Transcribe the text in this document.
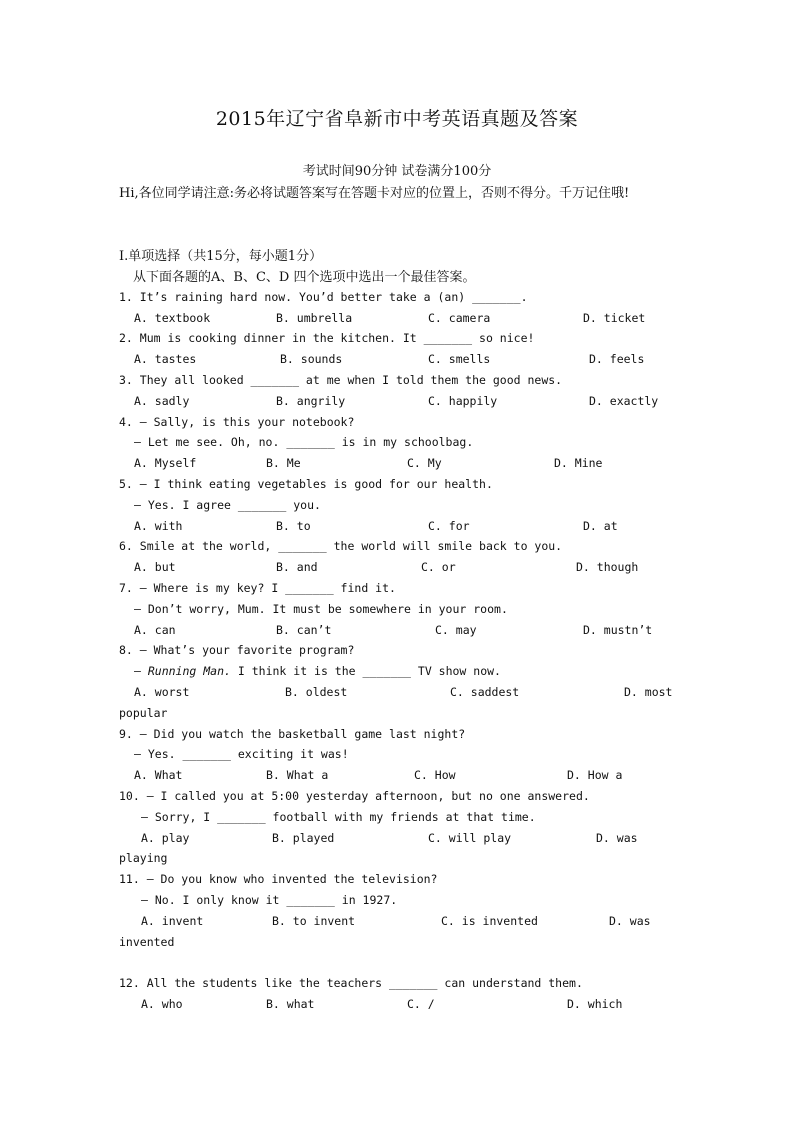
2015年辽宁省阜新市中考英语真题及答案
考试时间90分钟 试卷满分100分
Hi,各位同学请注意:务必将试题答案写在答题卡对应的位置上，否则不得分。千万记住哦!
Ⅰ.单项选择（共15分，每小题1分）
从下面各题的A、B、C、D 四个选项中选出一个最佳答案。
1. It’s raining hard now. You’d better take a (an) _______.
A. textbook	B. umbrella	C. camera	D. ticket
2. Mum is cooking dinner in the kitchen. It _______ so nice!
A. tastes	B. sounds	C. smells	D. feels
3. They all looked _______ at me when I told them the good news.
A. sadly	B. angrily	C. happily	D. exactly
4. — Sally, is this your notebook?
— Let me see. Oh, no. _______ is in my schoolbag.
A. Myself	B. Me	C. My	D. Mine
5. — I think eating vegetables is good for our health.
— Yes. I agree _______ you.
A. with	B. to	C. for	D. at
6. Smile at the world, _______ the world will smile back to you.
A. but	B. and	C. or	D. though
7. — Where is my key? I _______ find it.
— Don’t worry, Mum. It must be somewhere in your room.
A. can	B. can’t	C. may	D. mustn’t
8. — What’s your favorite program?
— Running Man. I think it is the _______ TV show now.
A. worst	B. oldest	C. saddest	D. most
popular
9. — Did you watch the basketball game last night?
— Yes. _______ exciting it was!
A. What	B. What a	C. How	D. How a
10. — I called you at 5:00 yesterday afternoon, but no one answered.
— Sorry, I _______ football with my friends at that time.
A. play	B. played	C. will play	D. was
playing
11. — Do you know who invented the television?
— No. I only know it _______ in 1927.
A. invent	B. to invent	C. is invented	D. was
invented
12. All the students like the teachers _______ can understand them.
A. who	B. what	C. /	D. which
